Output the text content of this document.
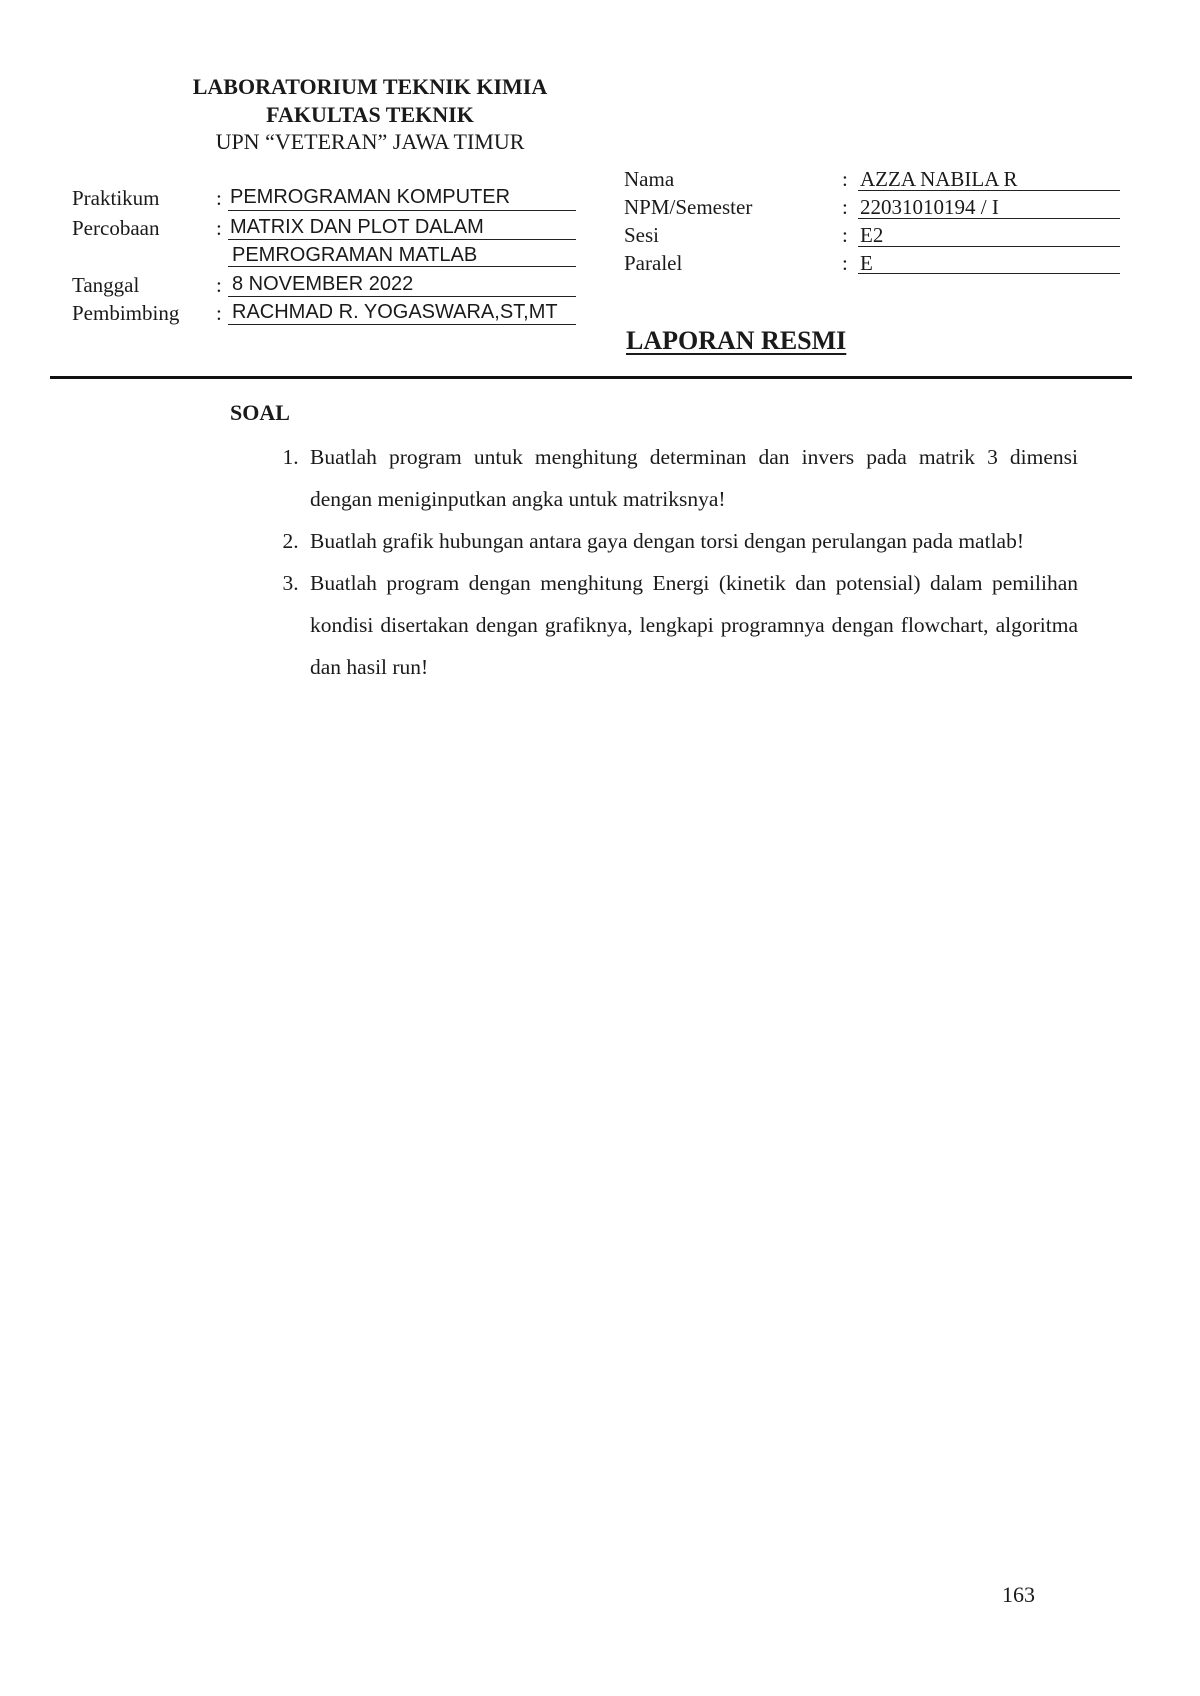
LABORATORIUM TEKNIK KIMIA
FAKULTAS TEKNIK
UPN “VETERAN” JAWA TIMUR
Praktikum	: PEMROGRAMAN KOMPUTER
Percobaan	: MATRIX DAN PLOT DALAM
PEMROGRAMAN MATLAB
Tanggal	: 8 NOVEMBER 2022
Pembimbing : RACHMAD R. YOGASWARA,ST,MT
Nama	: AZZA NABILA R
NPM/Semester	: 22031010194 / I
Sesi	: E2
Paralel	: E
LAPORAN RESMI
SOAL
1. Buatlah program untuk menghitung determinan dan invers pada matrik 3 dimensi dengan meniginputkan angka untuk matriksnya!
2. Buatlah grafik hubungan antara gaya dengan torsi dengan perulangan pada matlab!
3. Buatlah program dengan menghitung Energi (kinetik dan potensial) dalam pemilihan kondisi disertakan dengan grafiknya, lengkapi programnya dengan flowchart, algoritma dan hasil run!
163
